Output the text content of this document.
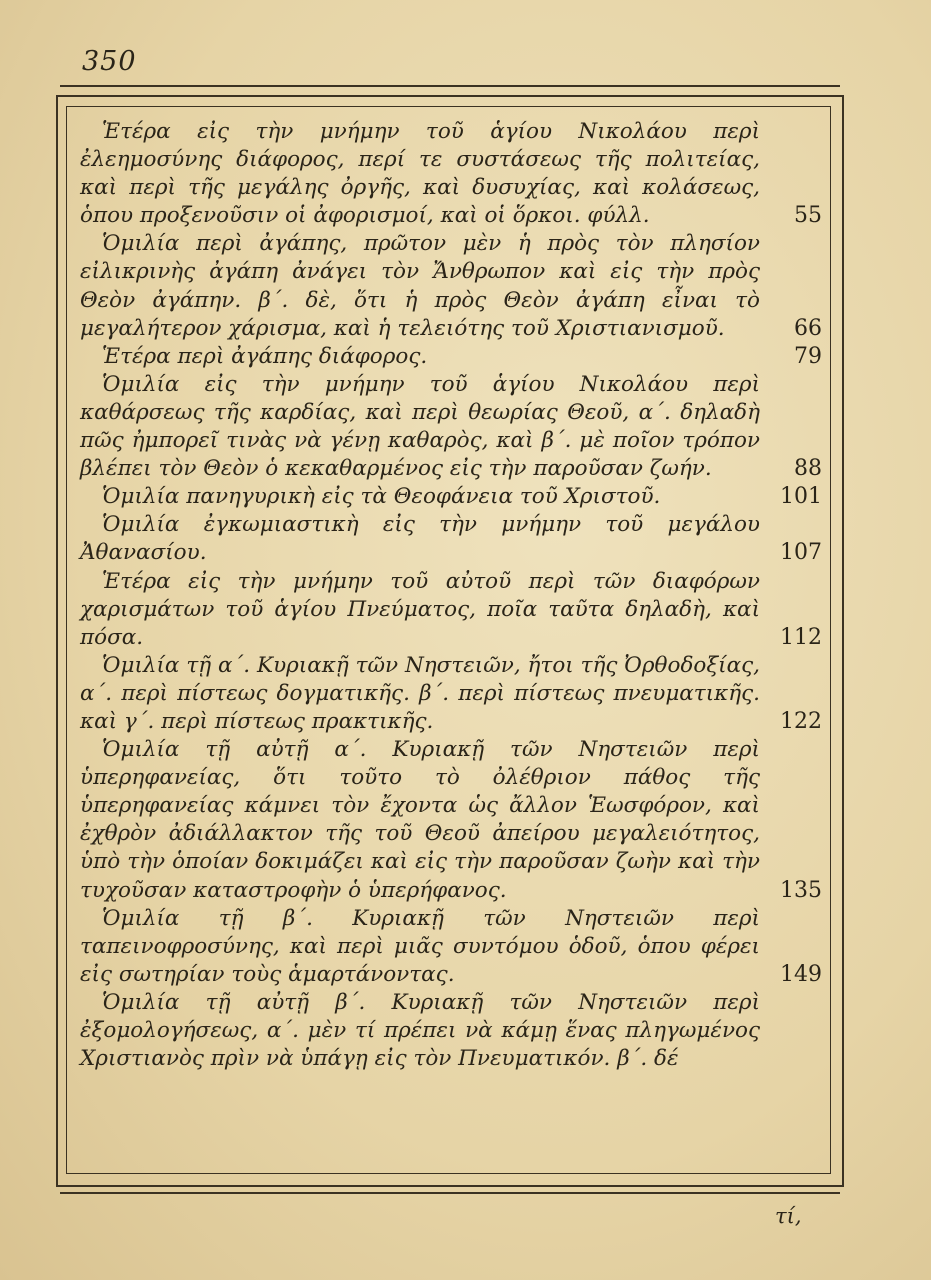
350
Ἑτέρα εἰς τὴν μνήμην τοῦ ἁγίου Νικολάου περὶ ἐλεημοσύνης διάφορος, περί τε συστάσεως τῆς πολιτείας, καὶ περὶ τῆς μεγάλης ὀργῆς, καὶ δυσυχίας, καὶ κολάσεως, ὁπου προξενοῦσιν οἱ ἀφορισμοί, καὶ οἱ ὅρκοι. φύλλ.	55
Ὁμιλία περὶ ἀγάπης, πρῶτον μὲν ἡ πρὸς τὸν πλησίον εἰλικρινὴς ἀγάπη ἀνάγει τὸν Ἄνθρωπον καὶ εἰς τὴν πρὸς Θεὸν ἀγάπην. β΄. δὲ, ὅτι ἡ πρὸς Θεὸν ἀγάπη εἶναι τὸ μεγαλήτερον χάρισμα, καὶ ἡ τελειότης τοῦ Χριστιανισμοῦ.	66
Ἑτέρα περὶ ἀγάπης διάφορος.	79
Ὁμιλία εἰς τὴν μνήμην τοῦ ἁγίου Νικολάου περὶ καθάρσεως τῆς καρδίας, καὶ περὶ θεωρίας Θεοῦ, α΄. δηλαδὴ πῶς ἠμπορεῖ τινὰς νὰ γένῃ καθαρὸς, καὶ β΄. μὲ ποῖον τρόπον βλέπει τὸν Θεὸν ὁ κεκαθαρμένος εἰς τὴν παροῦσαν ζωήν.	88
Ὁμιλία πανηγυρικὴ εἰς τὰ Θεοφάνεια τοῦ Χριστοῦ.	101
Ὁμιλία ἐγκωμιαστικὴ εἰς τὴν μνήμην τοῦ μεγάλου Ἀθανασίου.	107
Ἑτέρα εἰς τὴν μνήμην τοῦ αὐτοῦ περὶ τῶν διαφόρων χαρισμάτων τοῦ ἁγίου Πνεύματος, ποῖα ταῦτα δηλαδὴ, καὶ πόσα.	112
Ὁμιλία τῇ α΄. Κυριακῇ τῶν Νηστειῶν, ἤτοι τῆς Ὀρθοδοξίας, α΄. περὶ πίστεως δογματικῆς. β΄. περὶ πίστεως πνευματικῆς. καὶ γ΄. περὶ πίστεως πρακτικῆς.	122
Ὁμιλία τῇ αὐτῇ α΄. Κυριακῇ τῶν Νηστειῶν περὶ ὑπερηφανείας, ὅτι τοῦτο τὸ ὀλέθριον πάθος τῆς ὑπερηφανείας κάμνει τὸν ἔχοντα ὡς ἄλλον Ἑωσφόρον, καὶ ἐχθρὸν ἀδιάλλακτον τῆς τοῦ Θεοῦ ἀπείρου μεγαλειότητος, ὑπὸ τὴν ὁποίαν δοκιμάζει καὶ εἰς τὴν παροῦσαν ζωὴν καὶ τὴν τυχοῦσαν καταστροφὴν ὁ ὑπερήφανος.	135
Ὁμιλία τῇ β΄. Κυριακῇ τῶν Νηστειῶν περὶ ταπεινοφροσύνης, καὶ περὶ μιᾶς συντόμου ὁδοῦ, ὁπου φέρει εἰς σωτηρίαν τοὺς ἁμαρτάνοντας.	149
Ὁμιλία τῇ αὐτῇ β΄. Κυριακῇ τῶν Νηστειῶν περὶ ἐξομολογήσεως, α΄. μὲν τί πρέπει νὰ κάμῃ ἕνας πληγωμένος Χριστιανὸς πρὶν νὰ ὑπάγῃ εἰς τὸν Πνευματικόν. β΄. δέ
τί,
